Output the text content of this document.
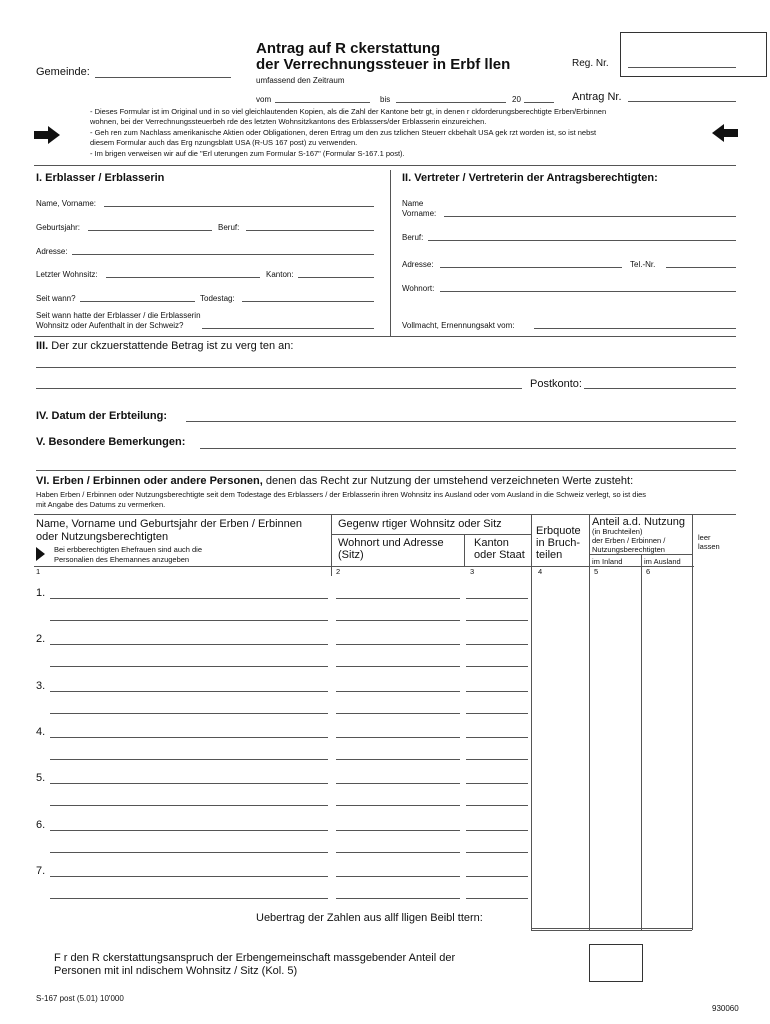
Antrag auf R ckerstattung
der Verrechnungssteuer in Erbf llen
Gemeinde:
umfassend den Zeitraum
vom	bis	20
Reg. Nr.
Antrag Nr.
- Dieses Formular ist im Original und in so viel gleichlautenden Kopien, als die Zahl der Kantone betr gt, in denen r ckforderungsberechtigte Erben/Erbinnen
wohnen, bei der Verrechnungssteuerbeh rde des letzten Wohnsitzkantons des Erblassers/der Erblasserin einzureichen.
- Geh ren zum Nachlass amerikanische Aktien oder Obligationen, deren Ertrag um den zus tzlichen Steuerr ckbehalt USA gek rzt worden ist, so ist nebst
diesem Formular auch das Erg nzungsblatt USA (R-US 167 post) zu verwenden.
- Im brigen verweisen wir auf die "Erl uterungen zum Formular S-167" (Formular S-167.1 post).
I. Erblasser / Erblasserin
Name, Vorname:
Geburtsjahr:	Beruf:
Adresse:
Letzter Wohnsitz:	Kanton:
Seit wann?	Todestag:
Seit wann hatte der Erblasser / die Erblasserin
Wohnsitz oder Aufenthalt in der Schweiz?
II. Vertreter / Vertreterin der Antragsberechtigten:
Name
Vorname:
Beruf:
Adresse:	Tel.-Nr.
Wohnort:
Vollmacht, Ernennungsakt vom:
III. Der zur ckzuerstattende Betrag ist zu verg ten an:
Postkonto:
IV. Datum der Erbteilung:
V. Besondere Bemerkungen:
VI. Erben / Erbinnen oder andere Personen, denen das Recht zur Nutzung der umstehend verzeichneten Werte zusteht:
Haben Erben / Erbinnen oder Nutzungsberechtigte seit dem Todestage des Erblassers / der Erblasserin ihren Wohnsitz ins Ausland oder vom Ausland in die Schweiz verlegt, so ist dies
mit Angabe des Datums zu vermerken.
Name, Vorname und Geburtsjahr der Erben / Erbinnen
oder Nutzungsberechtigten
Bei erbberechtigten Ehefrauen sind auch die
Personalien des Ehemannes anzugeben
Gegenw rtiger Wohnsitz oder Sitz
Wohnort und Adresse
(Sitz)
Kanton
oder Staat
Erbquote
in Bruch-
teilen
Anteil a.d. Nutzung
(in Bruchteilen)
der Erben / Erbinnen /
Nutzungsberechtigten
im Inland	im Ausland
leer
lassen
1	2	3	4	5	6
1.
2.
3.
4.
5.
6.
7.
Uebertrag der Zahlen aus allf lligen Beibl ttern:
F r den R ckerstattungsanspruch der Erbengemeinschaft massgebender Anteil der
Personen mit inl ndischem Wohnsitz / Sitz (Kol. 5)
S-167 post (5.01) 10'000
930060
